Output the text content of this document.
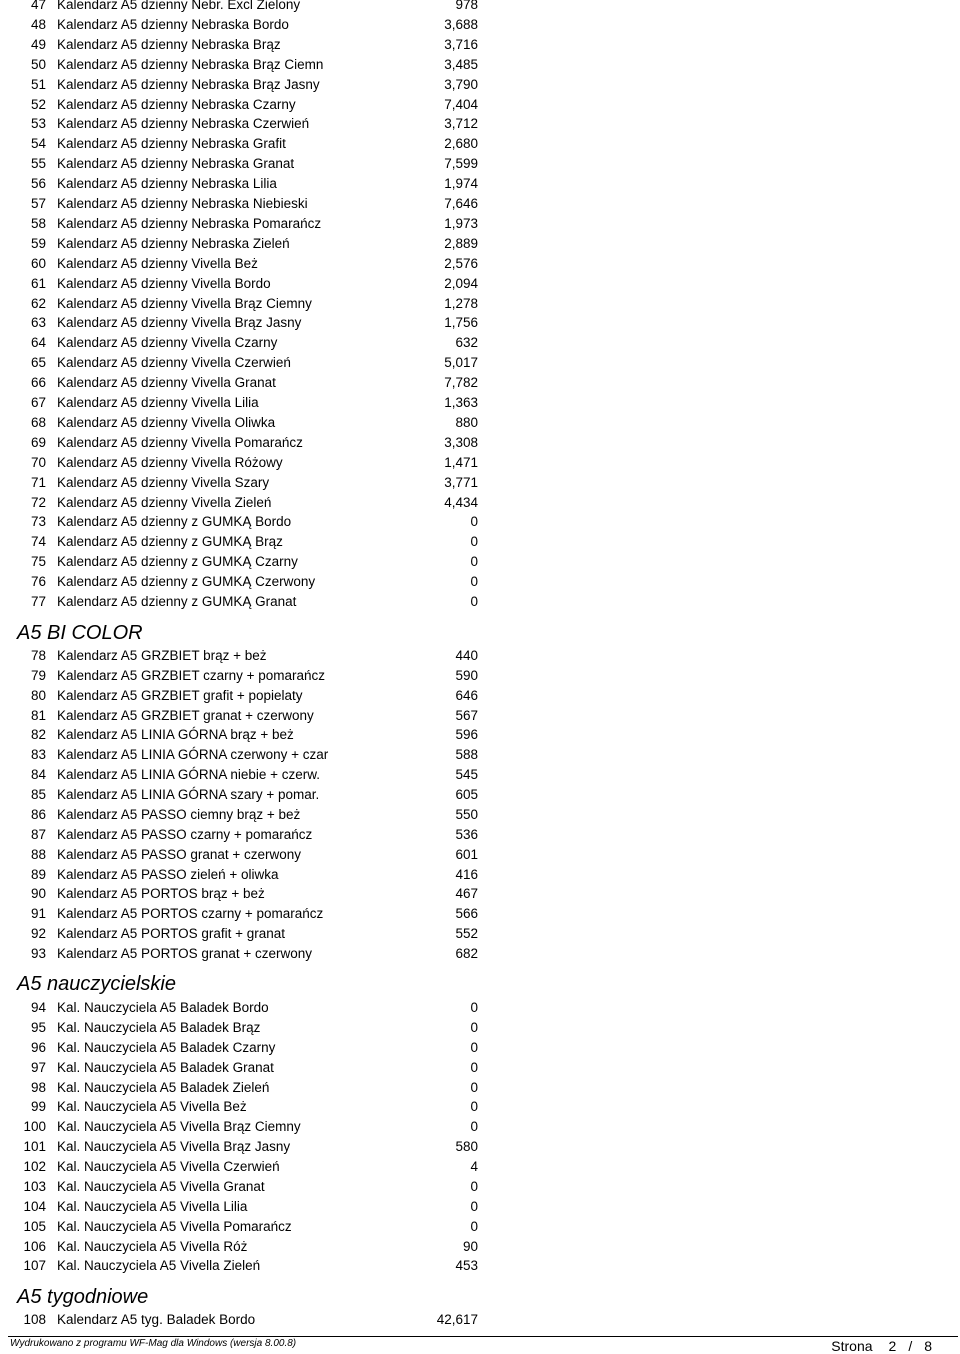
47 Kalendarz A5 dzienny Nebr. Excl Zielony	978
48 Kalendarz A5 dzienny Nebraska Bordo	3,688
49 Kalendarz A5 dzienny Nebraska Brąz	3,716
50 Kalendarz A5 dzienny Nebraska Brąz Ciemn	3,485
51 Kalendarz A5 dzienny Nebraska Brąz Jasny	3,790
52 Kalendarz A5 dzienny Nebraska Czarny	7,404
53 Kalendarz A5 dzienny Nebraska Czerwień	3,712
54 Kalendarz A5 dzienny Nebraska Grafit	2,680
55 Kalendarz A5 dzienny Nebraska Granat	7,599
56 Kalendarz A5 dzienny Nebraska Lilia	1,974
57 Kalendarz A5 dzienny Nebraska Niebieski	7,646
58 Kalendarz A5 dzienny Nebraska Pomarańcz	1,973
59 Kalendarz A5 dzienny Nebraska Zieleń	2,889
60 Kalendarz A5 dzienny Vivella Beż	2,576
61 Kalendarz A5 dzienny Vivella Bordo	2,094
62 Kalendarz A5 dzienny Vivella Brąz Ciemny	1,278
63 Kalendarz A5 dzienny Vivella Brąz Jasny	1,756
64 Kalendarz A5 dzienny Vivella Czarny	632
65 Kalendarz A5 dzienny Vivella Czerwień	5,017
66 Kalendarz A5 dzienny Vivella Granat	7,782
67 Kalendarz A5 dzienny Vivella Lilia	1,363
68 Kalendarz A5 dzienny Vivella Oliwka	880
69 Kalendarz A5 dzienny Vivella Pomarańcz	3,308
70 Kalendarz A5 dzienny Vivella Różowy	1,471
71 Kalendarz A5 dzienny Vivella Szary	3,771
72 Kalendarz A5 dzienny Vivella Zieleń	4,434
73 Kalendarz A5 dzienny z GUMKĄ Bordo	0
74 Kalendarz A5 dzienny z GUMKĄ Brąz	0
75 Kalendarz A5 dzienny z GUMKĄ Czarny	0
76 Kalendarz A5 dzienny z GUMKĄ Czerwony	0
77 Kalendarz A5 dzienny z GUMKĄ Granat	0
A5 BI COLOR
78 Kalendarz A5 GRZBIET brąz + beż	440
79 Kalendarz A5 GRZBIET czarny + pomarańcz	590
80 Kalendarz A5 GRZBIET grafit + popielaty	646
81 Kalendarz A5 GRZBIET granat + czerwony	567
82 Kalendarz A5 LINIA GÓRNA brąz + beż	596
83 Kalendarz A5 LINIA GÓRNA czerwony + czar	588
84 Kalendarz A5 LINIA GÓRNA niebie + czerw.	545
85 Kalendarz A5 LINIA GÓRNA szary + pomar.	605
86 Kalendarz A5 PASSO ciemny brąz + beż	550
87 Kalendarz A5 PASSO czarny + pomarańcz	536
88 Kalendarz A5 PASSO granat + czerwony	601
89 Kalendarz A5 PASSO zieleń + oliwka	416
90 Kalendarz A5 PORTOS brąz + beż	467
91 Kalendarz A5 PORTOS czarny + pomarańcz	566
92 Kalendarz A5 PORTOS grafit + granat	552
93 Kalendarz A5 PORTOS granat + czerwony	682
A5 nauczycielskie
94 Kal. Nauczyciela A5 Baladek Bordo	0
95 Kal. Nauczyciela A5 Baladek Brąz	0
96 Kal. Nauczyciela A5 Baladek Czarny	0
97 Kal. Nauczyciela A5 Baladek Granat	0
98 Kal. Nauczyciela A5 Baladek Zieleń	0
99 Kal. Nauczyciela A5 Vivella Beż	0
100 Kal. Nauczyciela A5 Vivella Brąz Ciemny	0
101 Kal. Nauczyciela A5 Vivella Brąz Jasny	580
102 Kal. Nauczyciela A5 Vivella Czerwień	4
103 Kal. Nauczyciela A5 Vivella Granat	0
104 Kal. Nauczyciela A5 Vivella Lilia	0
105 Kal. Nauczyciela A5 Vivella Pomarańcz	0
106 Kal. Nauczyciela A5 Vivella Róż	90
107 Kal. Nauczyciela A5 Vivella Zieleń	453
A5 tygodniowe
108 Kalendarz A5 tyg. Baladek Bordo	42,617
Wydrukowano z programu WF-Mag dla Windows (wersja 8.00.8)	Strona 2 / 8
